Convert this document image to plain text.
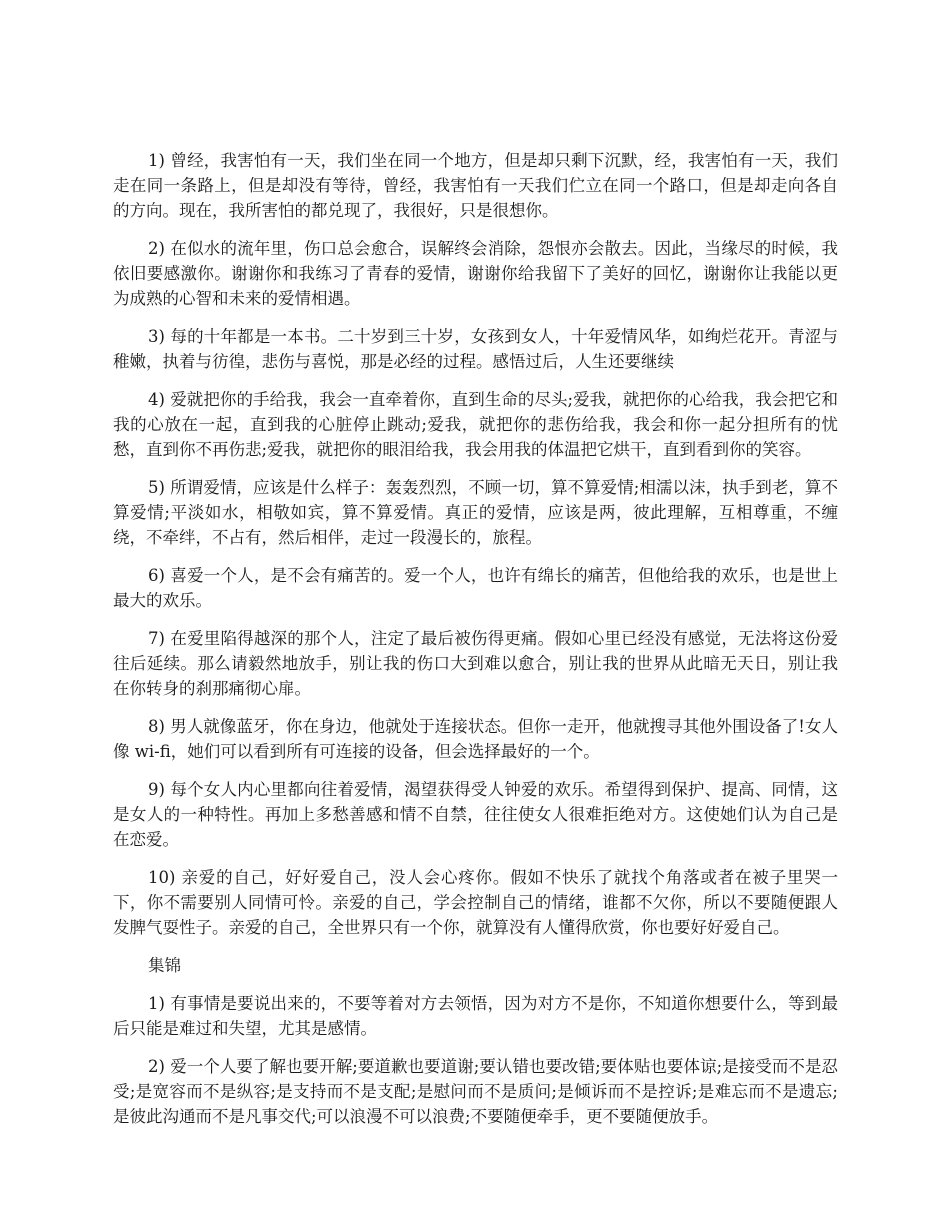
1) 曾经，我害怕有一天，我们坐在同一个地方，但是却只剩下沉默，经，我害怕有一天，我们走在同一条路上，但是却没有等待，曾经，我害怕有一天我们伫立在同一个路口，但是却走向各自的方向。现在，我所害怕的都兑现了，我很好，只是很想你。

2) 在似水的流年里，伤口总会愈合，误解终会消除，怨恨亦会散去。因此，当缘尽的时候，我依旧要感激你。谢谢你和我练习了青春的爱情，谢谢你给我留下了美好的回忆，谢谢你让我能以更为成熟的心智和未来的爱情相遇。

3) 每的十年都是一本书。二十岁到三十岁，女孩到女人，十年爱情风华，如绚烂花开。青涩与稚嫩，执着与彷徨，悲伤与喜悦，那是必经的过程。感悟过后，人生还要继续

4) 爱就把你的手给我，我会一直牵着你，直到生命的尽头;爱我，就把你的心给我，我会把它和我的心放在一起，直到我的心脏停止跳动;爱我，就把你的悲伤给我，我会和你一起分担所有的忧愁，直到你不再伤悲;爱我，就把你的眼泪给我，我会用我的体温把它烘干，直到看到你的笑容。

5) 所谓爱情，应该是什么样子：轰轰烈烈，不顾一切，算不算爱情;相濡以沫，执手到老，算不算爱情;平淡如水，相敬如宾，算不算爱情。真正的爱情，应该是两，彼此理解，互相尊重，不缠绕，不牵绊，不占有，然后相伴，走过一段漫长的，旅程。

6) 喜爱一个人，是不会有痛苦的。爱一个人，也许有绵长的痛苦，但他给我的欢乐，也是世上最大的欢乐。

7) 在爱里陷得越深的那个人，注定了最后被伤得更痛。假如心里已经没有感觉，无法将这份爱往后延续。那么请毅然地放手，别让我的伤口大到难以愈合，别让我的世界从此暗无天日，别让我在你转身的刹那痛彻心扉。

8) 男人就像蓝牙，你在身边，他就处于连接状态。但你一走开，他就搜寻其他外围设备了!女人像 wi-fi，她们可以看到所有可连接的设备，但会选择最好的一个。

9) 每个女人内心里都向往着爱情，渴望获得受人钟爱的欢乐。希望得到保护、提高、同情，这是女人的一种特性。再加上多愁善感和情不自禁，往往使女人很难拒绝对方。这使她们认为自己是在恋爱。

10) 亲爱的自己，好好爱自己，没人会心疼你。假如不快乐了就找个角落或者在被子里哭一下，你不需要别人同情可怜。亲爱的自己，学会控制自己的情绪，谁都不欠你，所以不要随便跟人发脾气耍性子。亲爱的自己，全世界只有一个你，就算没有人懂得欣赏，你也要好好爱自己。

集锦

1) 有事情是要说出来的，不要等着对方去领悟，因为对方不是你，不知道你想要什么，等到最后只能是难过和失望，尤其是感情。

2) 爱一个人要了解也要开解;要道歉也要道谢;要认错也要改错;要体贴也要体谅;是接受而不是忍受;是宽容而不是纵容;是支持而不是支配;是慰问而不是质问;是倾诉而不是控诉;是难忘而不是遗忘;是彼此沟通而不是凡事交代;可以浪漫不可以浪费;不要随便牵手，更不要随便放手。
